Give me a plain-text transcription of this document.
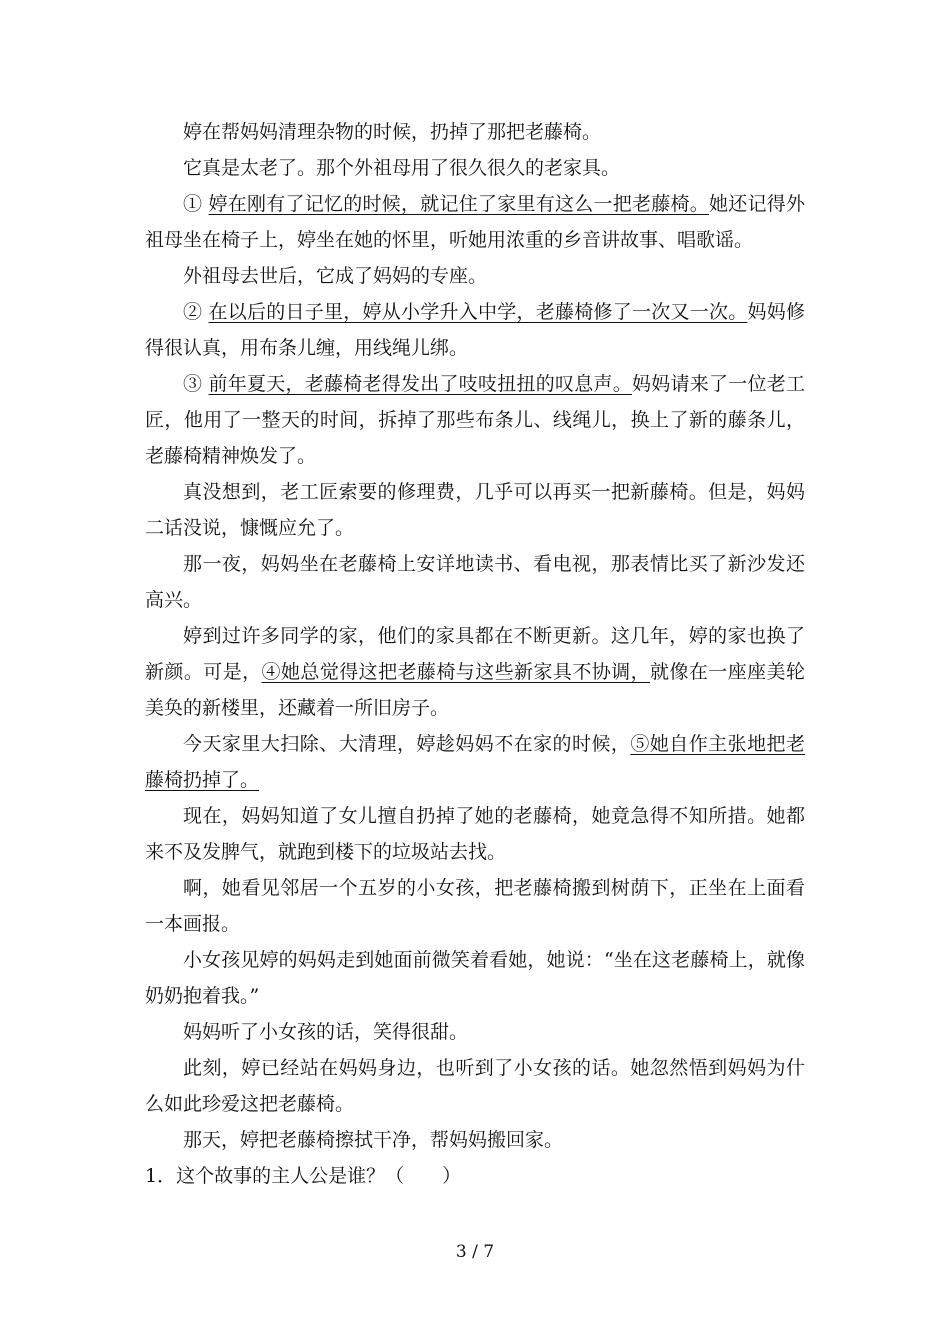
婷在帮妈妈清理杂物的时候，扔掉了那把老藤椅。

它真是太老了。那个外祖母用了很久很久的老家具。

① 婷在刚有了记忆的时候，就记住了家里有这么一把老藤椅。她还记得外祖母坐在椅子上，婷坐在她的怀里，听她用浓重的乡音讲故事、唱歌谣。

外祖母去世后，它成了妈妈的专座。

② 在以后的日子里，婷从小学升入中学，老藤椅修了一次又一次。妈妈修得很认真，用布条儿缠，用线绳儿绑。

③ 前年夏天，老藤椅老得发出了吱吱扭扭的叹息声。妈妈请来了一位老工匠，他用了一整天的时间，拆掉了那些布条儿、线绳儿，换上了新的藤条儿，老藤椅精神焕发了。

真没想到，老工匠索要的修理费，几乎可以再买一把新藤椅。但是，妈妈二话没说，慷慨应允了。

那一夜，妈妈坐在老藤椅上安详地读书、看电视，那表情比买了新沙发还高兴。

婷到过许多同学的家，他们的家具都在不断更新。这几年，婷的家也换了新颜。可是，④她总觉得这把老藤椅与这些新家具不协调，就像在一座座美轮美奂的新楼里，还藏着一所旧房子。

今天家里大扫除、大清理，婷趁妈妈不在家的时候，⑤她自作主张地把老藤椅扔掉了。

现在，妈妈知道了女儿擅自扔掉了她的老藤椅，她竟急得不知所措。她都来不及发脾气，就跑到楼下的垃圾站去找。

啊，她看见邻居一个五岁的小女孩，把老藤椅搬到树荫下，正坐在上面看一本画报。

小女孩见婷的妈妈走到她面前微笑着看她，她说：“坐在这老藤椅上，就像奶奶抱着我。”

妈妈听了小女孩的话，笑得很甜。

此刻，婷已经站在妈妈身边，也听到了小女孩的话。她忽然悟到妈妈为什么如此珍爱这把老藤椅。

那天，婷把老藤椅擦拭干净，帮妈妈搬回家。

1．这个故事的主人公是谁？（　　）

3 / 7
